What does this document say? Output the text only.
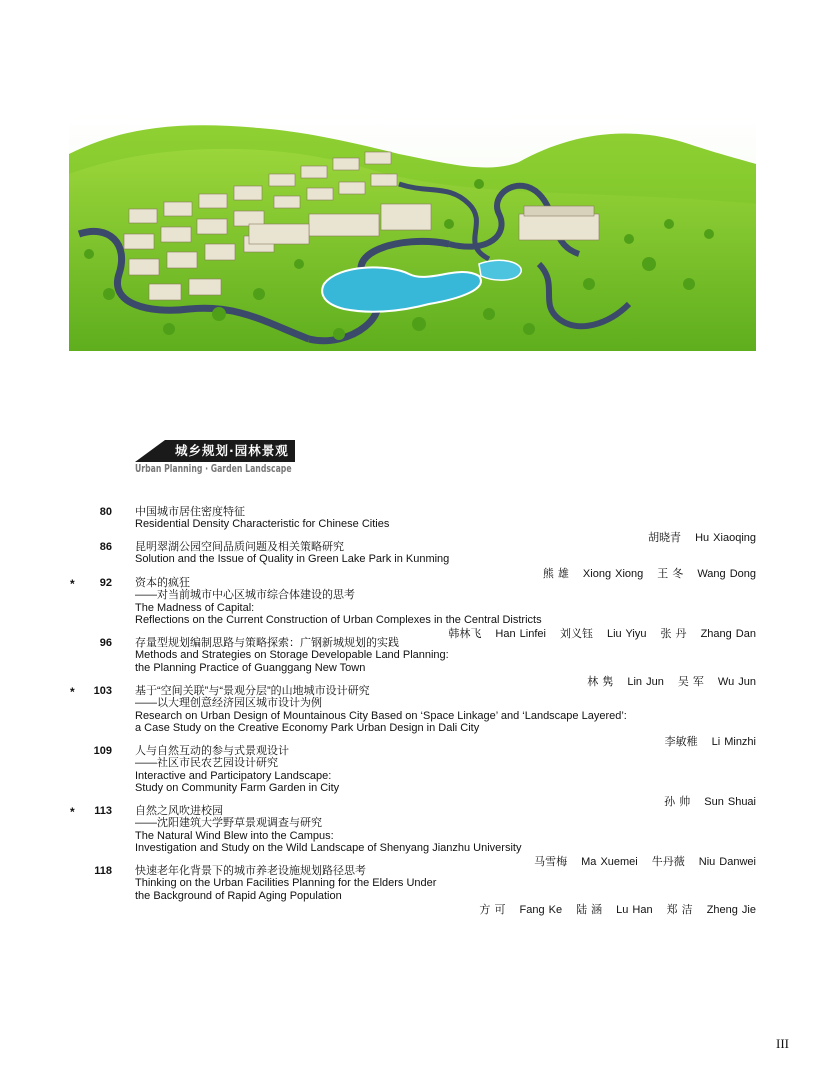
城乡规划·园林景观
Urban Planning · Garden Landscape
80 中国城市居住密度特征
Residential Density Characteristic for Chinese Cities
胡晓青 Hu Xiaoqing
86 昆明翠湖公园空间品质问题及相关策略研究
Solution and the Issue of Quality in Green Lake Park in Kunming
熊 雄 Xiong Xiong 王 冬 Wang Dong
*	92 资本的疯狂
——对当前城市中心区城市综合体建设的思考
The Madness of Capital:
Reflections on the Current Construction of Urban Complexes in the Central Districts
韩林飞 Han Linfei 刘义钰 Liu Yiyu 张 丹 Zhang Dan
96 存量型规划编制思路与策略探索：广钢新城规划的实践
Methods and Strategies on Storage Developable Land Planning:
the Planning Practice of Guanggang New Town
林 隽 Lin Jun 吴 军 Wu Jun
*	103 基于“空间关联”与“景观分层”的山地城市设计研究
——以大理创意经济园区城市设计为例
Research on Urban Design of Mountainous City Based on ‘Space Linkage’ and ‘Landscape Layered’:
a Case Study on the Creative Economy Park Urban Design in Dali City
李敏稚 Li Minzhi
109 人与自然互动的参与式景观设计
——社区市民农艺园设计研究
Interactive and Participatory Landscape:
Study on Community Farm Garden in City
孙 帅 Sun Shuai
*	113 自然之风吹进校园
——沈阳建筑大学野草景观调查与研究
The Natural Wind Blew into the Campus:
Investigation and Study on the Wild Landscape of Shenyang Jianzhu University
马雪梅 Ma Xuemei 牛丹薇 Niu Danwei
118 快速老年化背景下的城市养老设施规划路径思考
Thinking on the Urban Facilities Planning for the Elders Under
the Background of Rapid Aging Population
方 可 Fang Ke 陆 涵 Lu Han 郑 洁 Zheng Jie
III
